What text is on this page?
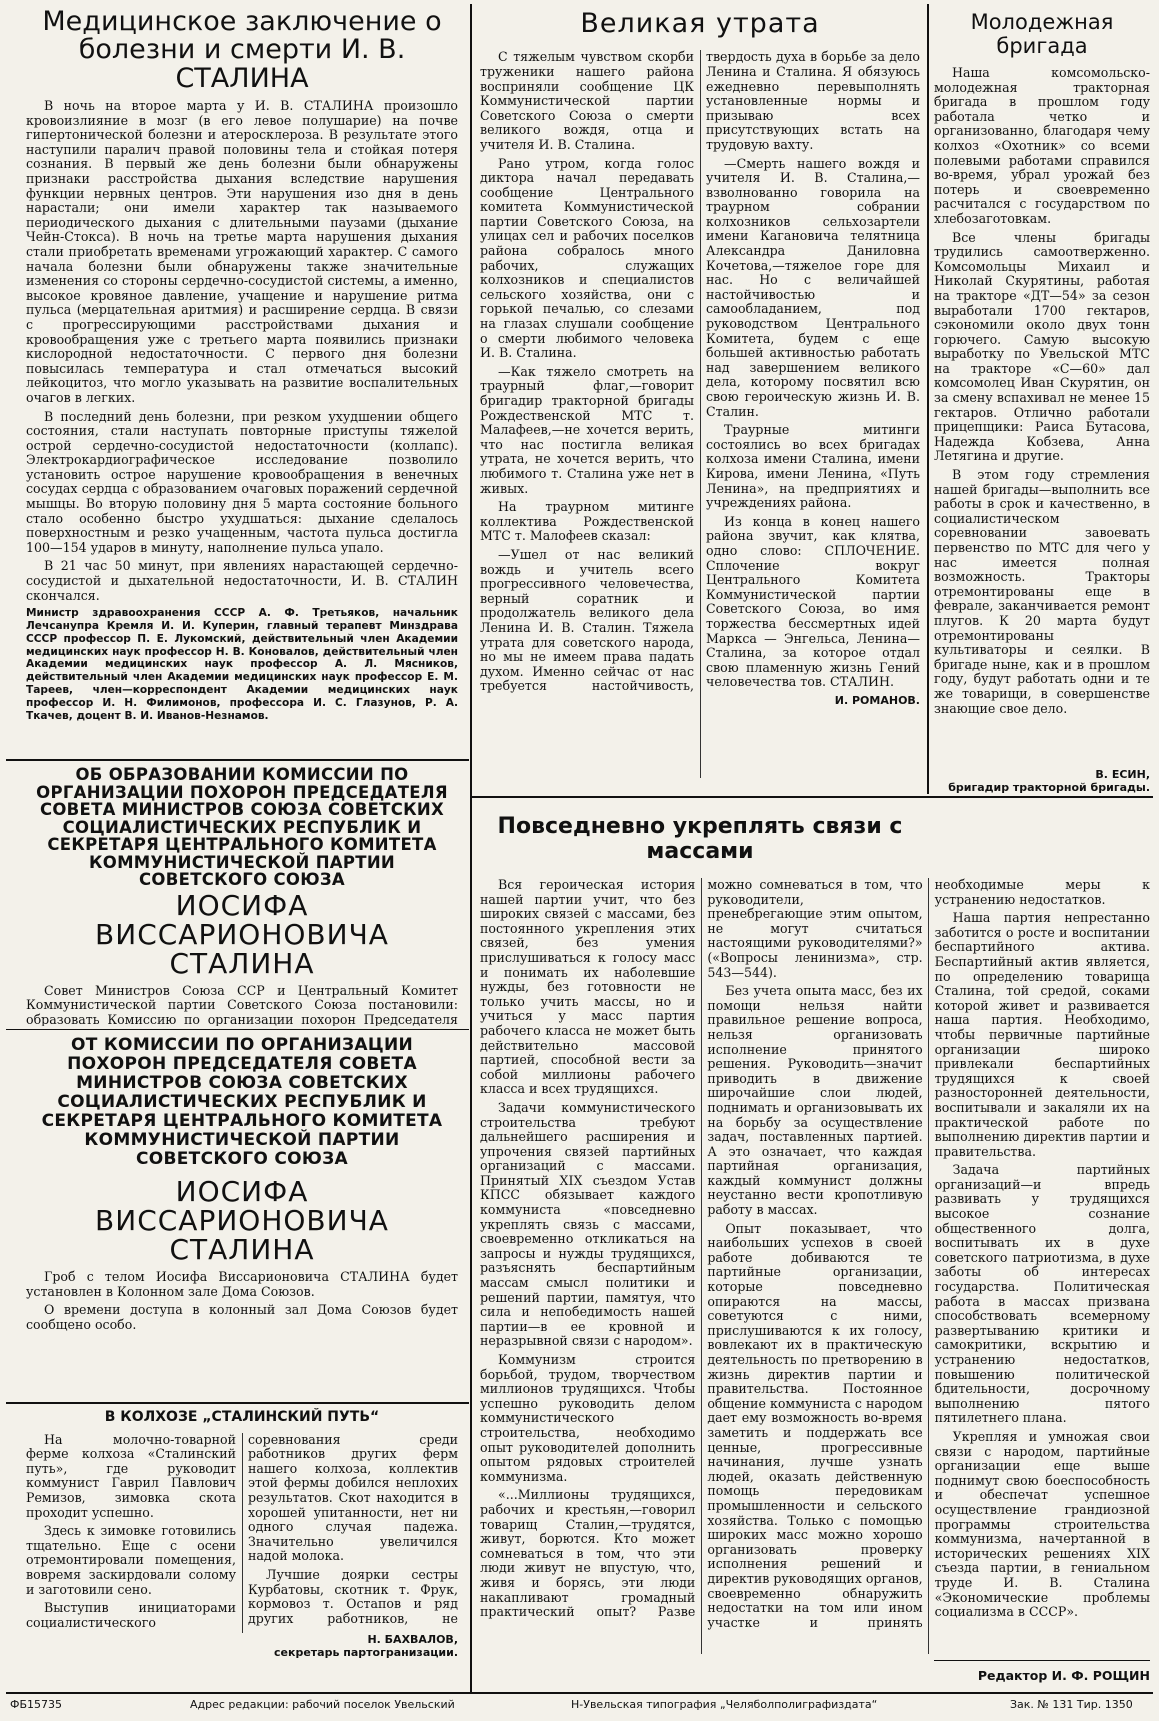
Медицинское заключение о болезни и смерти И. В. СТАЛИНА

В ночь на второе марта у И. В. СТАЛИНА произошло кровоизлияние в мозг (в его левое полушарие) на почве гипертонической болезни и атеросклероза. В результате этого наступили паралич правой половины тела и стойкая потеря сознания. В первый же день болезни были обнаружены признаки расстройства дыхания вследствие нарушения функции нервных центров. Эти нарушения изо дня в день нарастали; они имели характер так называемого периодического дыхания с длительными паузами (дыхание Чейн-Стокса). В ночь на третье марта нарушения дыхания стали приобретать временами угрожающий характер. С самого начала болезни были обнаружены также значительные изменения со стороны сердечно-сосудистой системы, а именно, высокое кровяное давление, учащение и нарушение ритма пульса (мерцательная аритмия) и расширение сердца. В связи с прогрессирующими расстройствами дыхания и кровообращения уже с третьего марта появились признаки кислородной недостаточности. С первого дня болезни повысилась температура и стал отмечаться высокий лейкоцитоз, что могло указывать на развитие воспалительных очагов в легких.

В последний день болезни, при резком ухудшении общего состояния, стали наступать повторные приступы тяжелой острой сердечно-сосудистой недостаточности (коллапс). Электрокардиографическое исследование позволило установить острое нарушение кровообращения в венечных сосудах сердца с образованием очаговых поражений сердечной мышцы. Во вторую половину дня 5 марта состояние больного стало особенно быстро ухудшаться: дыхание сделалось поверхностным и резко учащенным, частота пульса достигла 100—154 ударов в минуту, наполнение пульса упало.

В 21 час 50 минут, при явлениях нарастающей сердечно-сосудистой и дыхательной недостаточности, И. В. СТАЛИН скончался.

Министр здравоохранения СССР А. Ф. Третьяков, начальник Лечсанупра Кремля И. И. Куперин, главный терапевт Минздрава СССР профессор П. Е. Лукомский, действительный член Академии медицинских наук профессор Н. В. Коновалов, действительный член Академии медицинских наук профессор А. Л. Мясников, действительный член Академии медицинских наук профессор Е. М. Тареев, член—корреспондент Академии медицинских наук профессор И. Н. Филимонов, профессора И. С. Глазунов, Р. А. Ткачев, доцент В. И. Иванов-Незнамов.
ОБ ОБРАЗОВАНИИ КОМИССИИ ПО ОРГАНИЗАЦИИ ПОХОРОН ПРЕДСЕДАТЕЛЯ СОВЕТА МИНИСТРОВ СОЮЗА СОВЕТСКИХ СОЦИАЛИСТИЧЕСКИХ РЕСПУБЛИК И СЕКРЕТАРЯ ЦЕНТРАЛЬНОГО КОМИТЕТА КОММУНИСТИЧЕСКОЙ ПАРТИИ СОВЕТСКОГО СОЮЗА
ИОСИФА ВИССАРИОНОВИЧА СТАЛИНА

Совет Министров Союза ССР и Центральный Комитет Коммунистической партии Советского Союза постановили: образовать Комиссию по организации похорон Председателя

ОТ КОМИССИИ ПО ОРГАНИЗАЦИИ ПОХОРОН ПРЕДСЕДАТЕЛЯ СОВЕТА МИНИСТРОВ СОЮЗА СОВЕТСКИХ СОЦИАЛИСТИЧЕСКИХ РЕСПУБЛИК И СЕКРЕТАРЯ ЦЕНТРАЛЬНОГО КОМИТЕТА КОММУНИСТИЧЕСКОЙ ПАРТИИ СОВЕТСКОГО СОЮЗА
ИОСИФА ВИССАРИОНОВИЧА СТАЛИНА

Гроб с телом Иосифа Виссарионовича СТАЛИНА будет установлен в Колонном зале Дома Союзов.

О времени доступа в колонный зал Дома Союзов будет сообщено особо.

В КОЛХОЗЕ „СТАЛИНСКИЙ ПУТЬ“

На молочно-товарной ферме колхоза «Сталинский путь», где руководит коммунист Гаврил Павлович Ремизов, зимовка скота проходит успешно.

Здесь к зимовке готовились тщательно. Еще с осени отремонтировали помещения, вовремя заскирдовали солому и заготовили сено.

Выступив инициаторами социалистического соревнования среди работников других ферм нашего колхоза, коллектив этой фермы добился неплохих результатов. Скот находится в хорошей упитанности, нет ни одного случая падежа. Значительно увеличился надой молока.

Лучшие доярки сестры Курбатовы, скотник т. Фрук, кормовоз т. Остапов и ряд других работников, не

Н. БАХВАЛОВ,
секретарь партогранизации.
Великая утрата

С тяжелым чувством скорби труженики нашего района восприняли сообщение ЦК Коммунистической партии Советского Союза о смерти великого вождя, отца и учителя И. В. Сталина.

Рано утром, когда голос диктора начал передавать сообщение Центрального комитета Коммунистической партии Советского Союза, на улицах сел и рабочих поселков района собралось много рабочих, служащих колхозников и специалистов сельского хозяйства, они с горькой печалью, со слезами на глазах слушали сообщение о смерти любимого человека И. В. Сталина.

—Как тяжело смотреть на траурный флаг,—говорит бригадир тракторной бригады Рождественской МТС т. Малафеев,—не хочется верить, что нас постигла великая утрата, не хочется верить, что любимого т. Сталина уже нет в живых.

На траурном митинге коллектива Рождественской МТС т. Малофеев сказал:

—Ушел от нас великий вождь и учитель всего прогрессивного человечества, верный соратник и продолжатель великого дела Ленина И. В. Сталин. Тяжела утрата для советского народа, но мы не имеем права падать духом. Именно сейчас от нас требуется настойчивость, твердость духа в борьбе за дело Ленина и Сталина. Я обязуюсь ежедневно перевыполнять установленные нормы и призываю всех присутствующих встать на трудовую вахту.

—Смерть нашего вождя и учителя И. В. Сталина,—взволнованно говорила на траурном собрании колхозников сельхозартели имени Кагановича телятница Александра Даниловна Кочетова,—тяжелое горе для нас. Но с величайшей настойчивостью и самообладанием, под руководством Центрального Комитета, будем с еще большей активностью работать над завершением великого дела, которому посвятил всю свою героическую жизнь И. В. Сталин.

Траурные митинги состоялись во всех бригадах колхоза имени Сталина, имени Кирова, имени Ленина, «Путь Ленина», на предприятиях и учреждениях района.

Из конца в конец нашего района звучит, как клятва, одно слово: СПЛОЧЕНИЕ. Сплочение вокруг Центрального Комитета Коммунистической партии Советского Союза, во имя торжества бессмертных идей Маркса — Энгельса, Ленина—Сталина, за которое отдал свою пламенную жизнь Гений человечества тов. СТАЛИН.

И. РОМАНОВ.
Молодежная бригада

Наша комсомольско-молодежная тракторная бригада в прошлом году работала четко и организованно, благодаря чему колхоз «Охотник» со всеми полевыми работами справился во-время, убрал урожай без потерь и своевременно расчитался с государством по хлебозаготовкам.

Все члены бригады трудились самоотверженно. Комсомольцы Михаил и Николай Скурятины, работая на тракторе «ДТ—54» за сезон выработали 1700 гектаров, сэкономили около двух тонн горючего. Самую высокую выработку по Увельской МТС на тракторе «С—60» дал комсомолец Иван Скурятин, он за смену вспахивал не менее 15 гектаров. Отлично работали прицепщики: Раиса Бутасова, Надежда Кобзева, Анна Летягина и другие.

В этом году стремления нашей бригады—выполнить все работы в срок и качественно, в социалистическом соревновании завоевать первенство по МТС для чего у нас имеется полная возможность. Тракторы отремонтированы еще в феврале, заканчивается ремонт плугов. К 20 марта будут отремонтированы культиваторы и сеялки. В бригаде ныне, как и в прошлом году, будут работать одни и те же товарищи, в совершенстве знающие свое дело.

В. ЕСИН,
бригадир тракторной бригады.
Повседневно укреплять связи с массами

Вся героическая история нашей партии учит, что без широких связей с массами, без постоянного укрепления этих связей, без умения прислушиваться к голосу масс и понимать их наболевшие нужды, без готовности не только учить массы, но и учиться у масс партия рабочего класса не может быть действительно массовой партией, способной вести за собой миллионы рабочего класса и всех трудящихся.

Задачи коммунистического строительства требуют дальнейшего расширения и упрочения связей партийных организаций с массами. Принятый XIX съездом Устав КПСС обязывает каждого коммуниста «повседневно укреплять связь с массами, своевременно откликаться на запросы и нужды трудящихся, разъяснять беспартийным массам смысл политики и решений партии, памятуя, что сила и непобедимость нашей партии—в ее кровной и неразрывной связи с народом».

Коммунизм строится борьбой, трудом, творчеством миллионов трудящихся. Чтобы успешно руководить делом коммунистического строительства, необходимо опыт руководителей дополнить опытом рядовых строителей коммунизма.

«...Миллионы трудящихся, рабочих и крестьян,—говорил товарищ Сталин,—трудятся, живут, борются. Кто может сомневаться в том, что эти люди живут не впустую, что, живя и борясь, эти люди накапливают громадный практический опыт? Разве можно сомневаться в том, что руководители, пренебрегающие этим опытом, не могут считаться настоящими руководителями?» («Вопросы ленинизма», стр. 543—544).

Без учета опыта масс, без их помощи нельзя найти правильное решение вопроса, нельзя организовать исполнение принятого решения. Руководить—значит приводить в движение широчайшие слои людей, поднимать и организовывать их на борьбу за осуществление задач, поставленных партией. А это означает, что каждая партийная организация, каждый коммунист должны неустанно вести кропотливую работу в массах.

Опыт показывает, что наибольших успехов в своей работе добиваются те партийные организации, которые повседневно опираются на массы, советуются с ними, прислушиваются к их голосу, вовлекают их в практическую деятельность по претворению в жизнь директив партии и правительства. Постоянное общение коммуниста с народом дает ему возможность во-время заметить и поддержать все ценные, прогрессивные начинания, лучше узнать людей, оказать действенную помощь передовикам промышленности и сельского хозяйства. Только с помощью широких масс можно хорошо организовать проверку исполнения решений и директив руководящих органов, своевременно обнаружить недостатки на том или ином участке и принять необходимые меры к устранению недостатков.

Наша партия непрестанно заботится о росте и воспитании беспартийного актива. Беспартийный актив является, по определению товарища Сталина, той средой, соками которой живет и развивается наша партия. Необходимо, чтобы первичные партийные организации широко привлекали беспартийных трудящихся к своей разносторонней деятельности, воспитывали и закаляли их на практической работе по выполнению директив партии и правительства.

Задача партийных организаций—и впредь развивать у трудящихся высокое сознание общественного долга, воспитывать их в духе советского патриотизма, в духе заботы об интересах государства. Политическая работа в массах призвана способствовать всемерному развертыванию критики и самокритики, вскрытию и устранению недостатков, повышению политической бдительности, досрочному выполнению пятого пятилетнего плана.

Укрепляя и умножая свои связи с народом, партийные организации еще выше поднимут свою боеспособность и обеспечат успешное осуществление грандиозной программы строительства коммунизма, начертанной в исторических решениях XIX съезда партии, в гениальном труде И. В. Сталина «Экономические проблемы социализма в СССР».

Редактор И. Ф. РОЩИН
ФБ15735	Адрес редакции: рабочий поселок Увельский	Н-Увельская типография „Челяболполиграфиздата“	Зак. № 131 Тир. 1350
